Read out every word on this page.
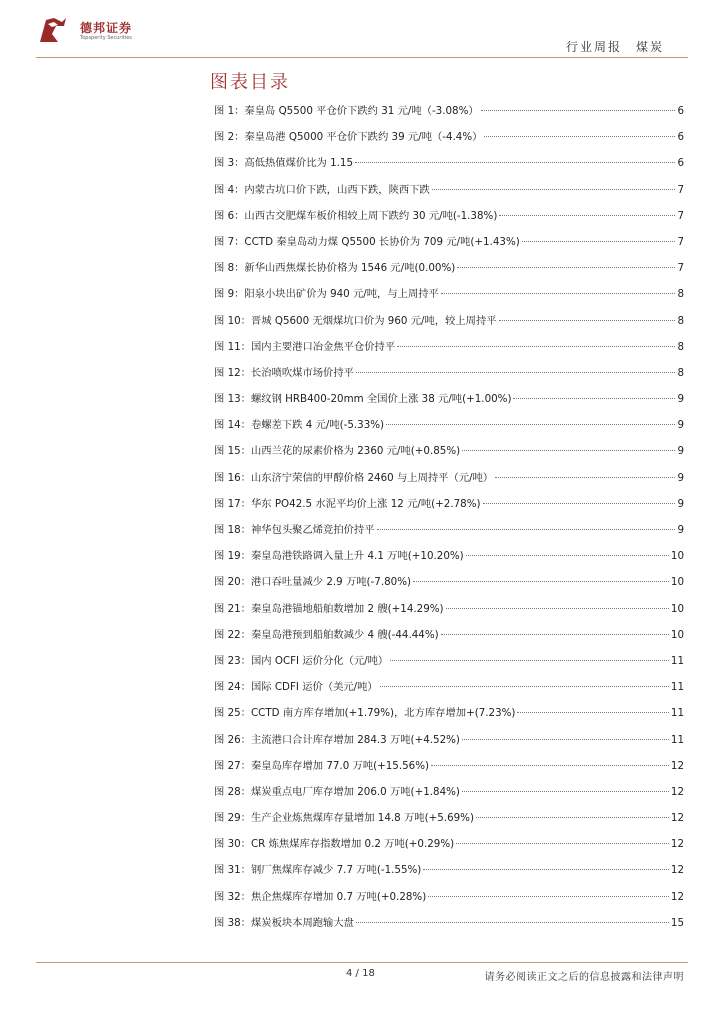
德邦证券
Topsperity Securities
行业周报　煤炭
图表目录
图 1：秦皇岛 Q5500 平仓价下跌约 31 元/吨（-3.08%）	6
图 2：秦皇岛港 Q5000 平仓价下跌约 39 元/吨（-4.4%）	6
图 3：高低热值煤价比为 1.15	6
图 4：内蒙古坑口价下跌，山西下跌，陕西下跌	7
图 6：山西古交肥煤车板价相较上周下跌约 30 元/吨(-1.38%)	7
图 7：CCTD 秦皇岛动力煤 Q5500 长协价为 709 元/吨(+1.43%)	7
图 8：新华山西焦煤长协价格为 1546 元/吨(0.00%)	7
图 9：阳泉小块出矿价为 940 元/吨，与上周持平	8
图 10：晋城 Q5600 无烟煤坑口价为 960 元/吨，较上周持平	8
图 11：国内主要港口冶金焦平仓价持平	8
图 12：长治喷吹煤市场价持平	8
图 13：螺纹钢 HRB400-20mm 全国价上涨 38 元/吨(+1.00%)	9
图 14：卷螺差下跌 4 元/吨(-5.33%)	9
图 15：山西兰花的尿素价格为 2360 元/吨(+0.85%)	9
图 16：山东济宁荣信的甲醇价格 2460 与上周持平（元/吨）	9
图 17：华东 PO42.5 水泥平均价上涨 12 元/吨(+2.78%)	9
图 18：神华包头聚乙烯竞拍价持平	9
图 19：秦皇岛港铁路调入量上升 4.1 万吨(+10.20%)	10
图 20：港口吞吐量减少 2.9 万吨(-7.80%)	10
图 21：秦皇岛港锚地船舶数增加 2 艘(+14.29%)	10
图 22：秦皇岛港预到船舶数减少 4 艘(-44.44%)	10
图 23：国内 OCFI 运价分化（元/吨）	11
图 24：国际 CDFI 运价（美元/吨）	11
图 25：CCTD 南方库存增加(+1.79%)，北方库存增加+(7.23%)	11
图 26：主流港口合计库存增加 284.3 万吨(+4.52%)	11
图 27：秦皇岛库存增加 77.0 万吨(+15.56%)	12
图 28：煤炭重点电厂库存增加 206.0 万吨(+1.84%)	12
图 29：生产企业炼焦煤库存量增加 14.8 万吨(+5.69%)	12
图 30：CR 炼焦煤库存指数增加 0.2 万吨(+0.29%)	12
图 31：钢厂焦煤库存减少 7.7 万吨(-1.55%)	12
图 32：焦企焦煤库存增加 0.7 万吨(+0.28%)	12
图 38：煤炭板块本周跑输大盘	15
4 / 18	请务必阅读正文之后的信息披露和法律声明
